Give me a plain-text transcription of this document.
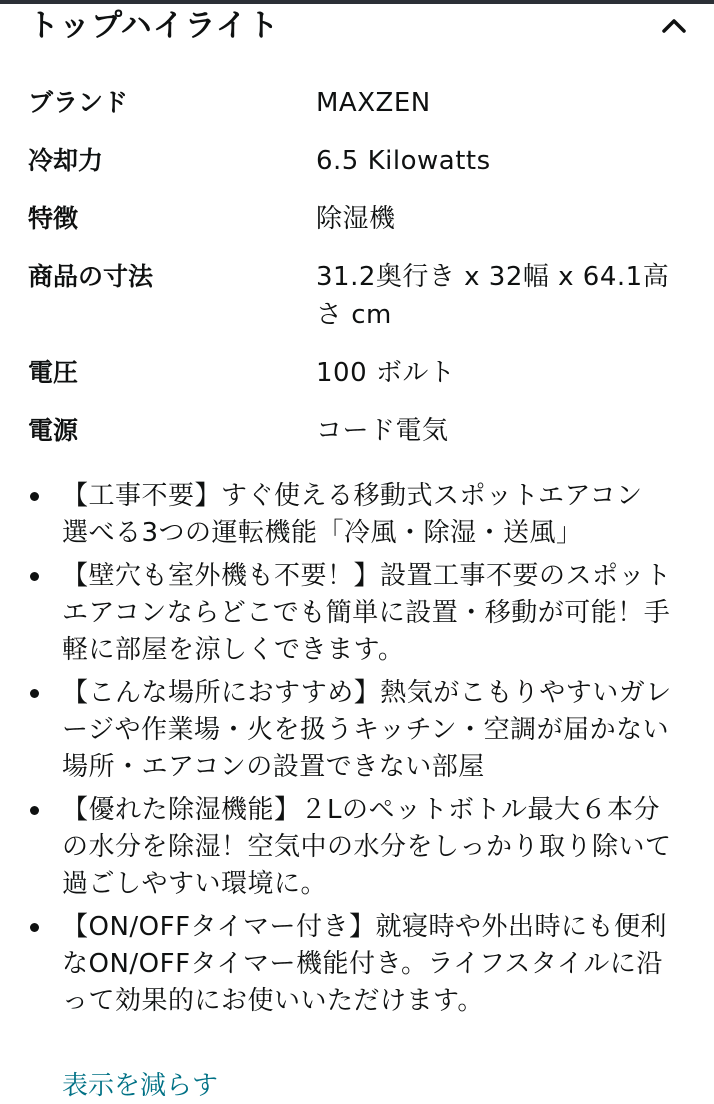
トップハイライト
ブランド	MAXZEN
冷却力	6.5 Kilowatts
特徴	除湿機
商品の寸法	31.2奥行き x 32幅 x 64.1高さ cm
電圧	100 ボルト
電源	コード電気
【工事不要】すぐ使える移動式スポットエアコン　選べる3つの運転機能「冷風・除湿・送風」
【壁穴も室外機も不要！】設置工事不要のスポットエアコンならどこでも簡単に設置・移動が可能！手軽に部屋を涼しくできます。
【こんな場所におすすめ】熱気がこもりやすいガレージや作業場・火を扱うキッチン・空調が届かない場所・エアコンの設置できない部屋
【優れた除湿機能】２Lのペットボトル最大６本分の水分を除湿！空気中の水分をしっかり取り除いて過ごしやすい環境に。
【ON/OFFタイマー付き】就寝時や外出時にも便利なON/OFFタイマー機能付き。ライフスタイルに沿って効果的にお使いいただけます。
表示を減らす
